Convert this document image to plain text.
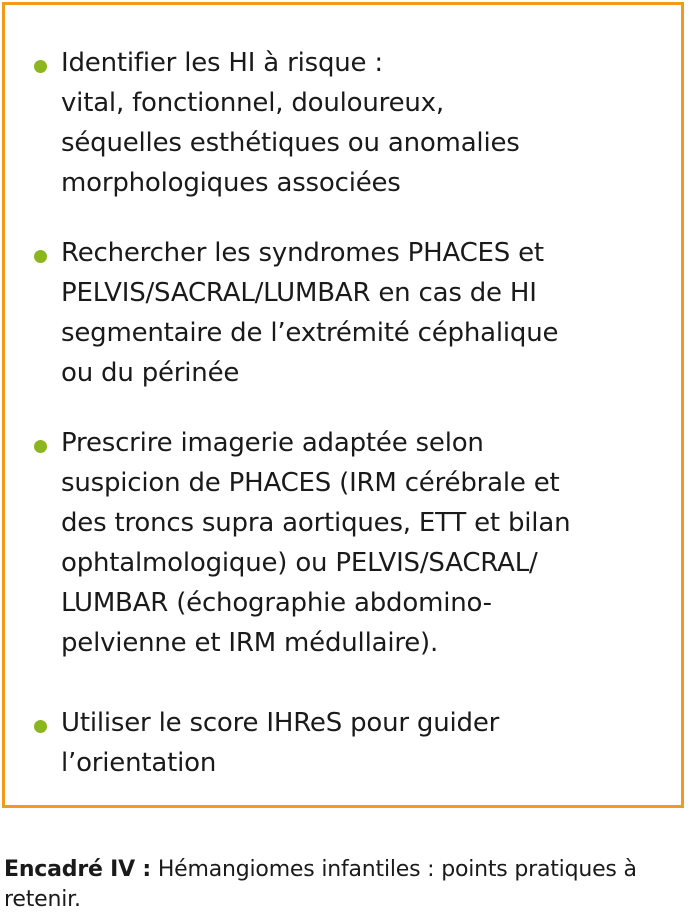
Identifier les HI à risque :
vital, fonctionnel, douloureux,
séquelles esthétiques ou anomalies
morphologiques associées
Rechercher les syndromes PHACES et
PELVIS/SACRAL/LUMBAR en cas de HI
segmentaire de l’extrémité céphalique
ou du périnée
Prescrire imagerie adaptée selon
suspicion de PHACES (IRM cérébrale et
des troncs supra aortiques, ETT et bilan
ophtalmologique) ou PELVIS/SACRAL/
LUMBAR (échographie abdomino-
pelvienne et IRM médullaire).
Utiliser le score IHReS pour guider
l’orientation
Encadré IV : Hémangiomes infantiles : points pratiques à retenir.
